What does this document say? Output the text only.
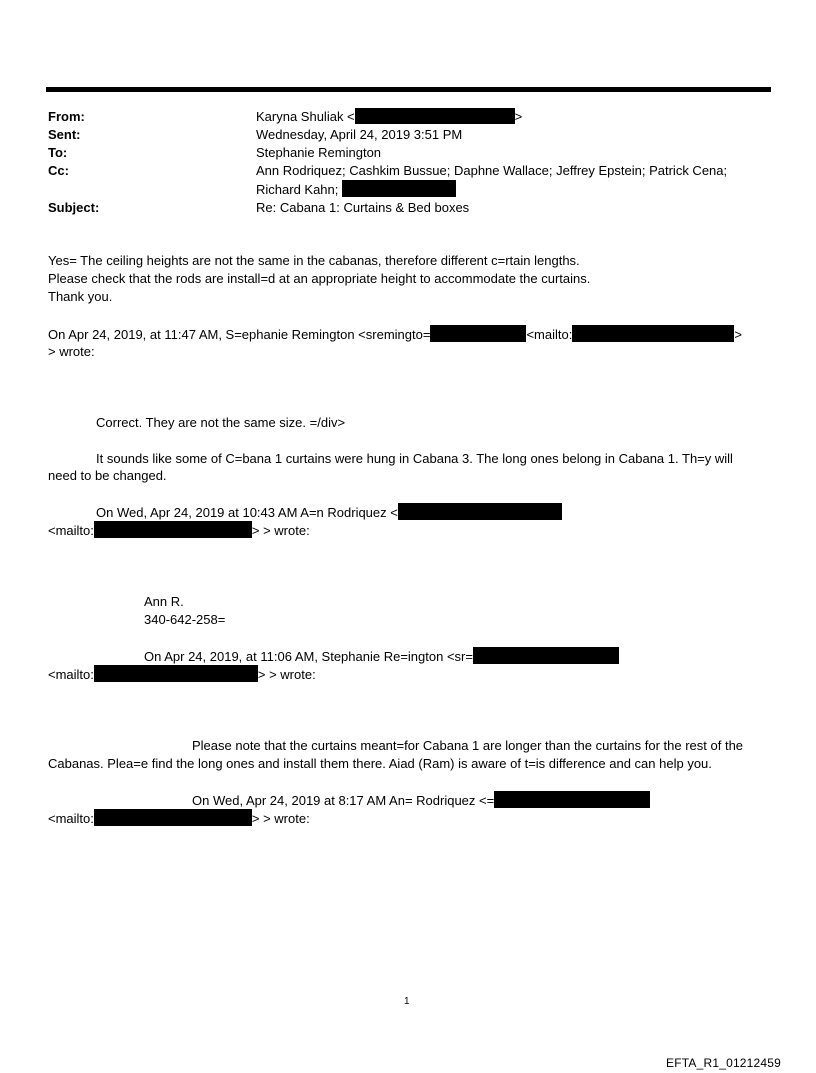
From:	Karyna Shuliak <	>
Sent:	Wednesday, April 24, 2019 3:51 PM
To:	Stephanie Remington
Cc:	Ann Rodriquez; Cashkim Bussue; Daphne Wallace; Jeffrey Epstein; Patrick Cena;
Richard Kahn;
Subject:	Re: Cabana 1: Curtains & Bed boxes
Yes= The ceiling heights are not the same in the cabanas, therefore different c=rtain lengths.
Please check that the rods are install=d at an appropriate height to accommodate the curtains.
Thank you.
On Apr 24, 2019, at 11:47 AM, S=ephanie Remington <sremingto=	<mailto:	>
> wrote:
Correct. They are not the same size. =/div>
It sounds like some of C=bana 1 curtains were hung in Cabana 3. The long ones belong in Cabana 1. Th=y will
need to be changed.
On Wed, Apr 24, 2019 at 10:43 AM A=n Rodriquez <
<mailto:	> > wrote:
Ann R.
340-642-258=
On Apr 24, 2019, at 11:06 AM, Stephanie Re=ington <sr=
<mailto:	> > wrote:
Please note that the curtains meant=for Cabana 1 are longer than the curtains for the rest of the
Cabanas. Plea=e find the long ones and install them there. Aiad (Ram) is aware of t=is difference and can help you.
On Wed, Apr 24, 2019 at 8:17 AM An= Rodriquez <=
<mailto:	> > wrote:
1
EFTA_R1_01212459
